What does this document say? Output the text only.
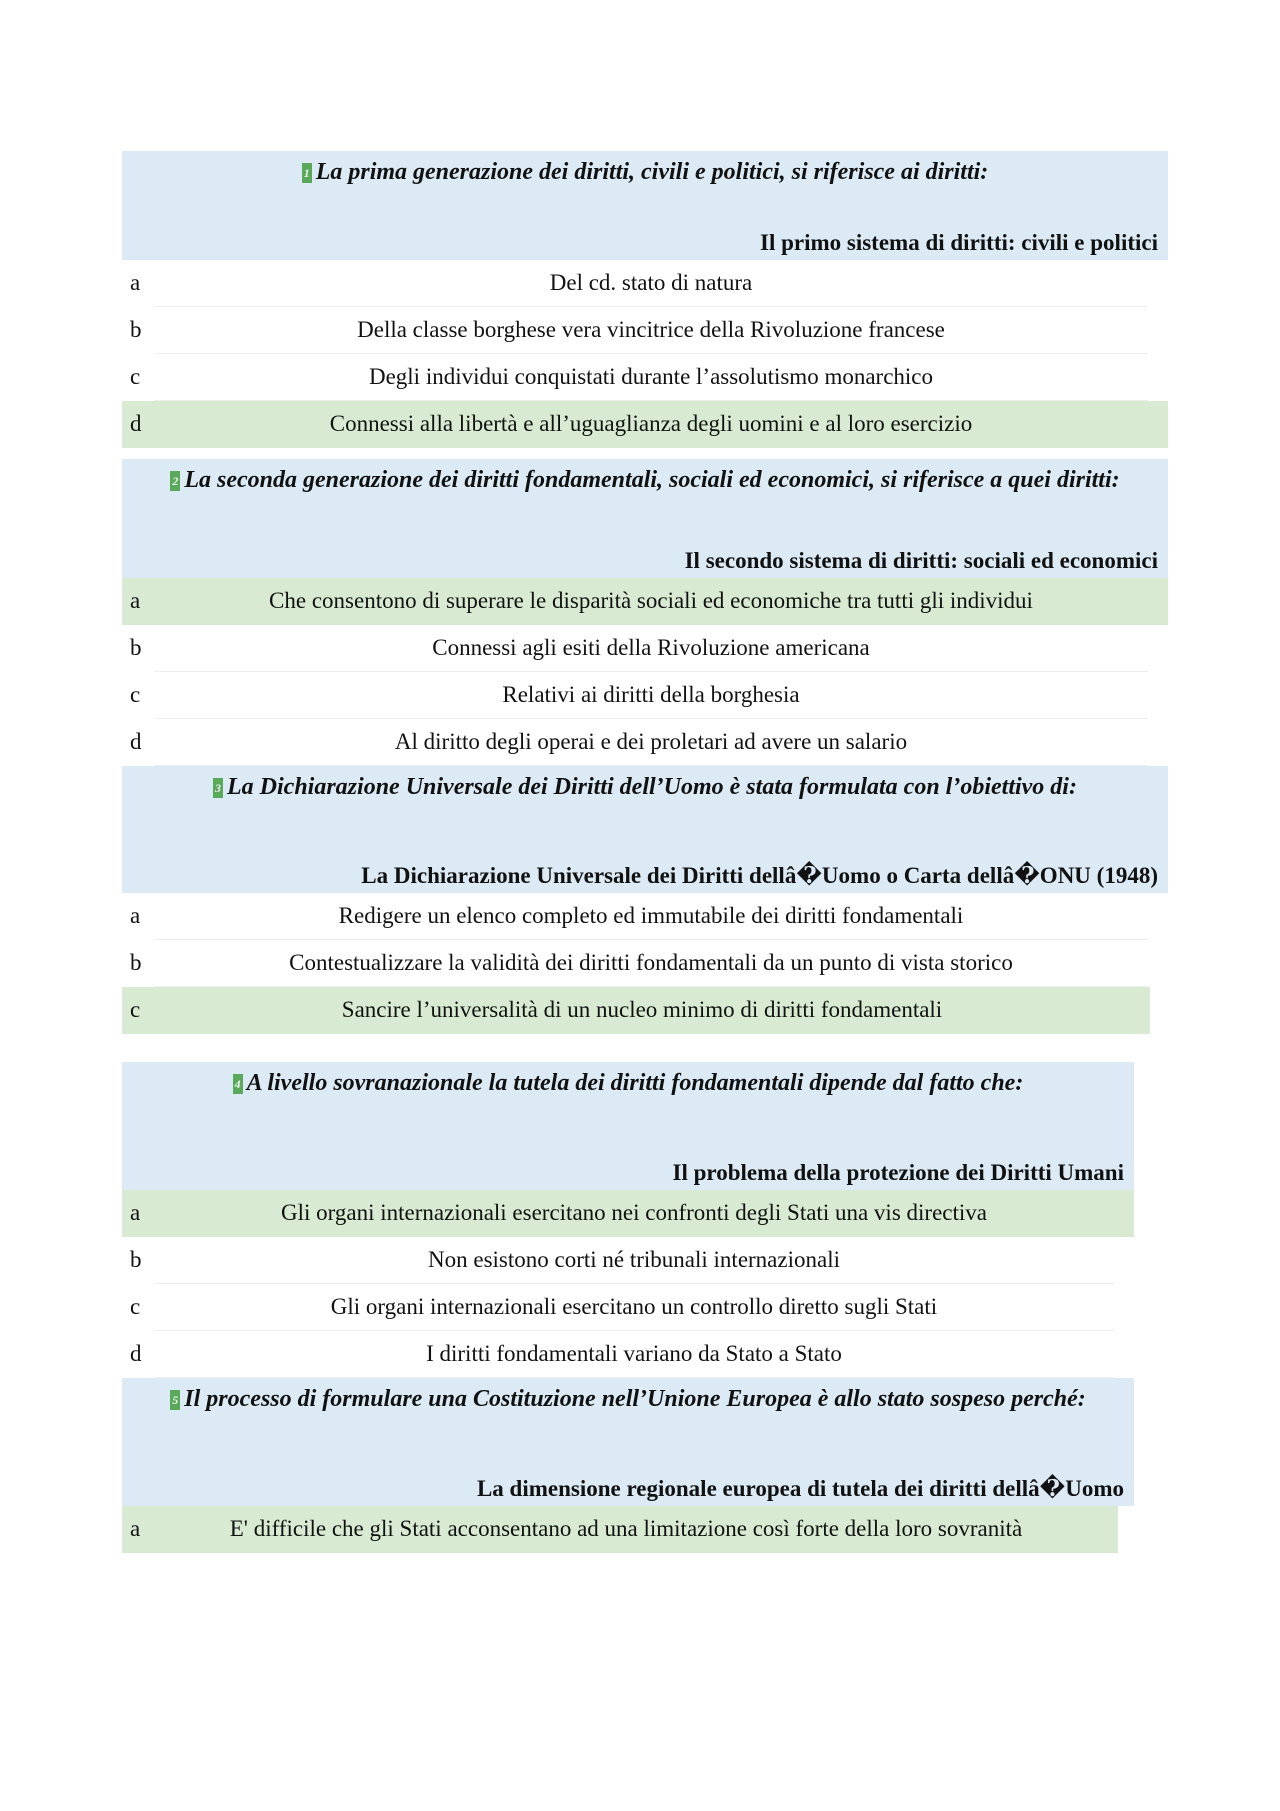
1 La prima generazione dei diritti, civili e politici, si riferisce ai diritti:
Il primo sistema di diritti: civili e politici
a	Del cd. stato di natura
b	Della classe borghese vera vincitrice della Rivoluzione francese
c	Degli individui conquistati durante l’assolutismo monarchico
d	Connessi alla libertà e all’uguaglianza degli uomini e al loro esercizio
2 La seconda generazione dei diritti fondamentali, sociali ed economici, si riferisce a quei diritti:
Il secondo sistema di diritti: sociali ed economici
a	Che consentono di superare le disparità sociali ed economiche tra tutti gli individui
b	Connessi agli esiti della Rivoluzione americana
c	Relativi ai diritti della borghesia
d	Al diritto degli operai e dei proletari ad avere un salario
3 La Dichiarazione Universale dei Diritti dell’Uomo è stata formulata con l’obiettivo di:
La Dichiarazione Universale dei Diritti dellâ�Uomo o Carta dellâ�ONU (1948)
a	Redigere un elenco completo ed immutabile dei diritti fondamentali
b	Contestualizzare la validità dei diritti fondamentali da un punto di vista storico
c	Sancire l’universalità di un nucleo minimo di diritti fondamentali
4 A livello sovranazionale la tutela dei diritti fondamentali dipende dal fatto che:
Il problema della protezione dei Diritti Umani
a	Gli organi internazionali esercitano nei confronti degli Stati una vis directiva
b	Non esistono corti né tribunali internazionali
c	Gli organi internazionali esercitano un controllo diretto sugli Stati
d	I diritti fondamentali variano da Stato a Stato
5 Il processo di formulare una Costituzione nell’Unione Europea è allo stato sospeso perché:
La dimensione regionale europea di tutela dei diritti dellâ�Uomo
a	E' difficile che gli Stati acconsentano ad una limitazione così forte della loro sovranità
